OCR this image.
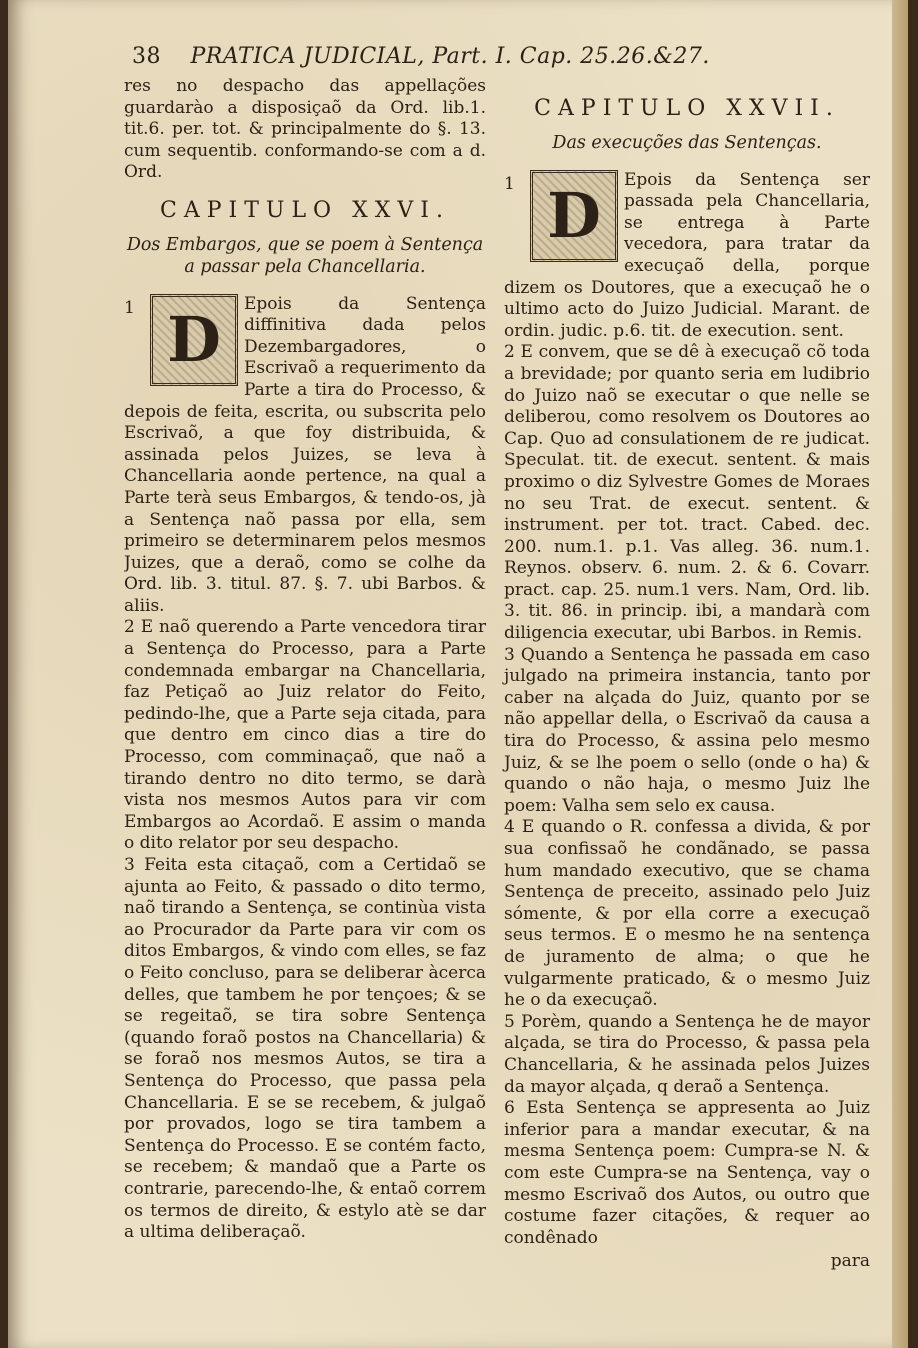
38 PRATICA JUDICIAL, Part. I. Cap. 25.26.&27.

res no despacho das appellações guardarào a disposiçaõ da Ord. lib.1. tit.6. per. tot. & principalmente do §. 13. cum sequentib. conformando-se com a d. Ord.

CAPITULO XXVI.
Dos Embargos, que se poem à Sentença a passar pela Chancellaria.
1 D	Epois da Sentença diffinitiva dada pelos Dezembargadores, o Escrivaõ a requerimento da Parte a tira do Processo, & depois de feita, escrita, ou subscrita pelo Escrivaõ, a que foy distribuida, & assinada pelos Juizes, se leva à Chancellaria aonde pertence, na qual a Parte terà seus Embargos, & tendo-os, jà a Sentença naõ passa por ella, sem primeiro se determinarem pelos mesmos Juizes, que a deraõ, como se colhe da Ord. lib. 3. titul. 87. §. 7. ubi Barbos. & aliis.

2 E naõ querendo a Parte vencedora tirar a Sentença do Processo, para a Parte condemnada embargar na Chancellaria, faz Petiçaõ ao Juiz relator do Feito, pedindo-lhe, que a Parte seja citada, para que dentro em cinco dias a tire do Processo, com comminaçaõ, que naõ a tirando dentro no dito termo, se darà vista nos mesmos Autos para vir com Embargos ao Acordaõ. E assim o manda o dito relator por seu despacho.

3 Feita esta citaçaõ, com a Certidaõ se ajunta ao Feito, & passado o dito termo, naõ tirando a Sentença, se continùa vista ao Procurador da Parte para vir com os ditos Embargos, & vindo com elles, se faz o Feito concluso, para se deliberar àcerca delles, que tambem he por tençoes; & se se regeitaõ, se tira sobre Sentença (quando foraõ postos na Chancellaria) & se foraõ nos mesmos Autos, se tira a Sentença do Processo, que passa pela Chancellaria. E se se recebem, & julgaõ por provados, logo se tira tambem a Sentença do Processo. E se contém facto, se recebem; & mandaõ que a Parte os contrarie, parecendo-lhe, & entaõ correm os termos de direito, & estylo atè se dar a ultima deliberaçaõ.

CAPITULO XXVII.
Das execuções das Sentenças.
1 D	Epois da Sentença ser passada pela Chancellaria, se entrega à Parte vecedora, para tratar da execuçaõ della, porque dizem os Doutores, que a execuçaõ he o ultimo acto do Juizo Judicial. Marant. de ordin. judic. p.6. tit. de execution. sent.

2 E convem, que se dê à execuçaõ cõ toda a brevidade; por quanto seria em ludibrio do Juizo naõ se executar o que nelle se deliberou, como resolvem os Doutores ao Cap. Quo ad consulationem de re judicat. Speculat. tit. de execut. sentent. & mais proximo o diz Sylvestre Gomes de Moraes no seu Trat. de execut. sentent. & instrument. per tot. tract. Cabed. dec. 200. num.1. p.1. Vas alleg. 36. num.1. Reynos. observ. 6. num. 2. & 6. Covarr. pract. cap. 25. num.1 vers. Nam, Ord. lib. 3. tit. 86. in princip. ibi, a mandarà com diligencia executar, ubi Barbos. in Remis.

3 Quando a Sentença he passada em caso julgado na primeira instancia, tanto por caber na alçada do Juiz, quanto por se não appellar della, o Escrivaõ da causa a tira do Processo, & assina pelo mesmo Juiz, & se lhe poem o sello (onde o ha) & quando o não haja, o mesmo Juiz lhe poem: Valha sem selo ex causa.

4 E quando o R. confessa a divida, & por sua confissaõ he condãnado, se passa hum mandado executivo, que se chama Sentença de preceito, assinado pelo Juiz sómente, & por ella corre a execuçaõ seus termos. E o mesmo he na sentença de juramento de alma; o que he vulgarmente praticado, & o mesmo Juiz he o da execuçaõ.

5 Porèm, quando a Sentença he de mayor alçada, se tira do Processo, & passa pela Chancellaria, & he assinada pelos Juizes da mayor alçada, q deraõ a Sentença.

6 Esta Sentença se appresenta ao Juiz inferior para a mandar executar, & na mesma Sentença poem: Cumpra-se N. & com este Cumpra-se na Sentença, vay o mesmo Escrivaõ dos Autos, ou outro que costume fazer citações, & requer ao condênado

para
